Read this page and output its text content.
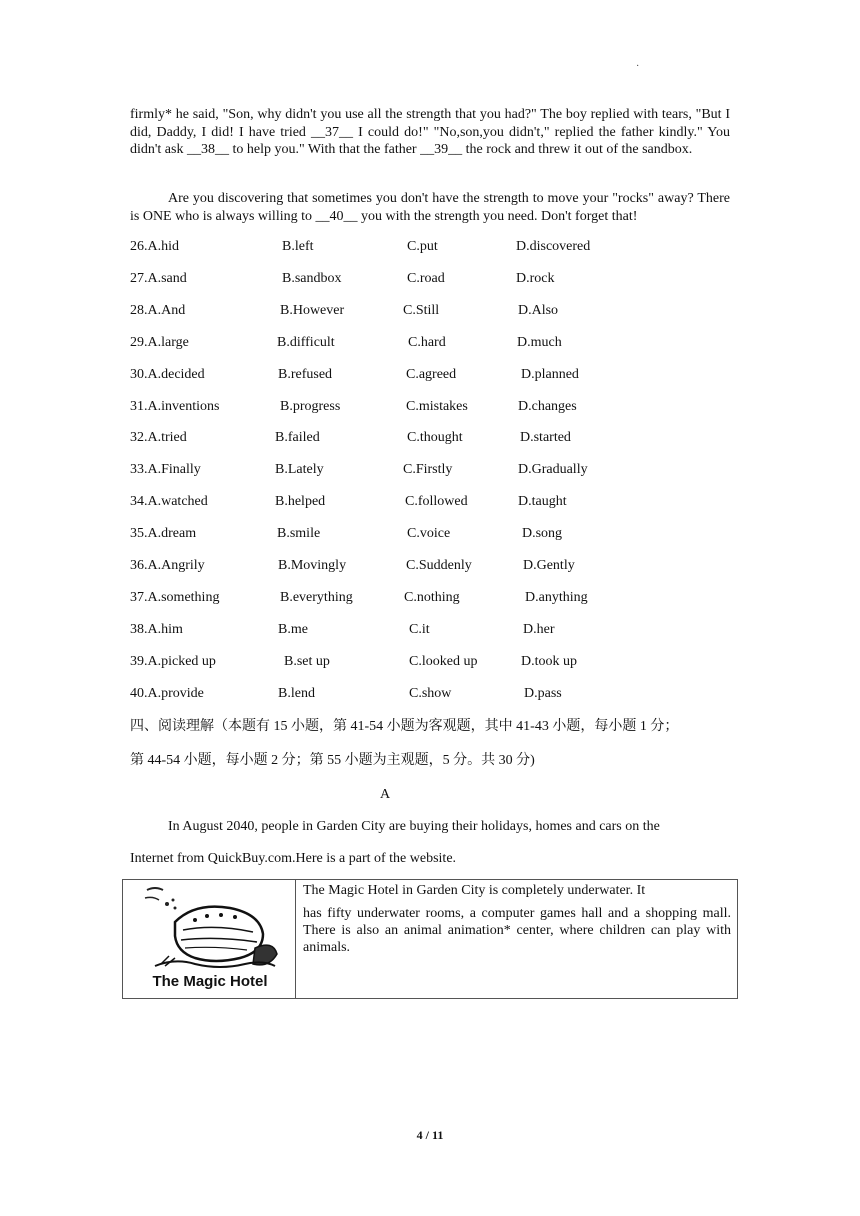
·

firmly* he said, "Son, why didn't you use all the strength that you had?" The boy replied with tears, "But I did, Daddy, I did! I have tried __37__ I could do!" "No,son,you didn't," replied the father kindly." You didn't ask __38__ to help you." With that the father __39__ the rock and threw it out of the sandbox.

Are you discovering that sometimes you don't have the strength to move your "rocks" away? There is ONE who is always willing to __40__ you with the strength you need. Don't forget that!

26.A.hid	B.left	C.put	D.discovered
27.A.sand	B.sandbox	C.road	D.rock
28.A.And	B.However	C.Still	D.Also
29.A.large	B.difficult	C.hard	D.much
30.A.decided	B.refused	C.agreed	D.planned
31.A.inventions	B.progress	C.mistakes	D.changes
32.A.tried	B.failed	C.thought	D.started
33.A.Finally	B.Lately	C.Firstly	D.Gradually
34.A.watched	B.helped	C.followed	D.taught
35.A.dream	B.smile	C.voice	D.song
36.A.Angrily	B.Movingly	C.Suddenly	D.Gently
37.A.something	B.everything	C.nothing	D.anything
38.A.him	B.me	C.it	D.her
39.A.picked up	B.set up	C.looked up	D.took up
40.A.provide	B.lend	C.show	D.pass
四、阅读理解（本题有 15 小题，第 41-54 小题为客观题，其中 41-43 小题，每小题 1 分；
第 44-54 小题，每小题 2 分；第 55 小题为主观题，5 分。共 30 分)
A
In August 2040, people in Garden City are buying their holidays, homes and cars on the
Internet from QuickBuy.com.Here is a part of the website.
The Magic Hotel

The Magic Hotel in Garden City is completely underwater. It

has fifty underwater rooms, a computer games hall and a shopping mall. There is also an animal animation* center, where children can play with animals.

4 / 11
